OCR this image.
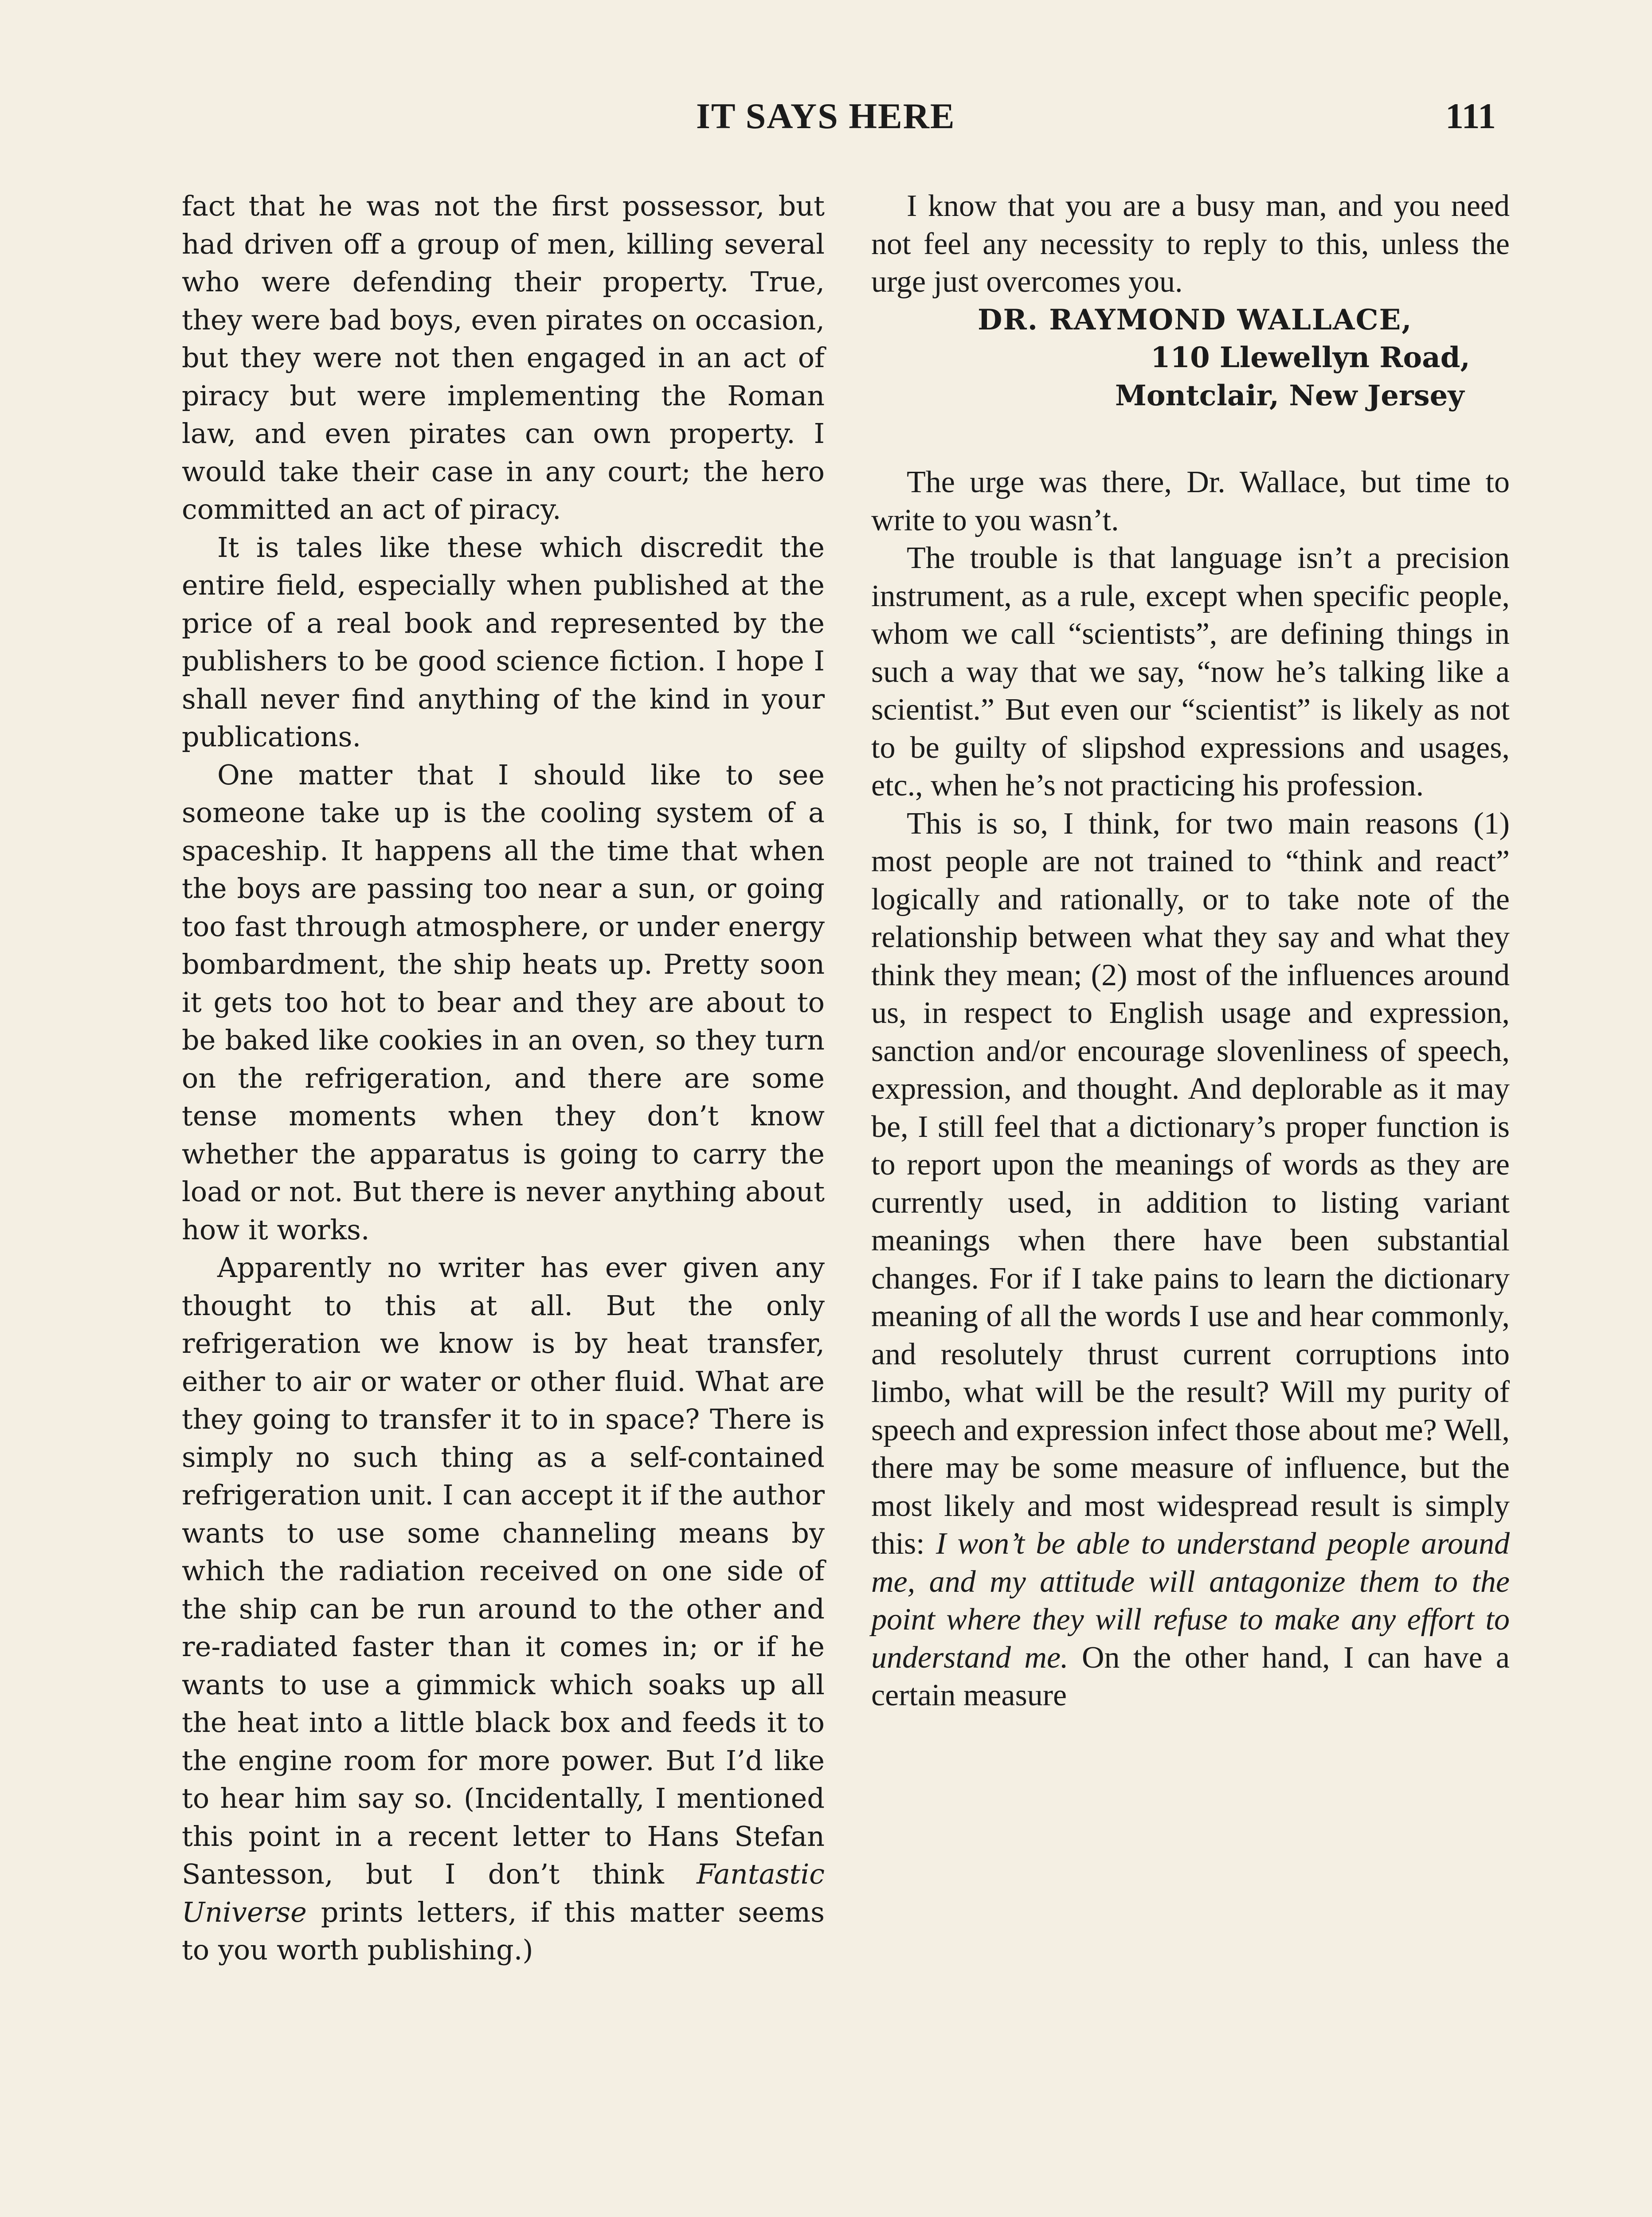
IT SAYS HERE	111

fact that he was not the first possessor, but had driven off a group of men, killing several who were defending their property. True, they were bad boys, even pirates on occasion, but they were not then engaged in an act of piracy but were implementing the Roman law, and even pirates can own property. I would take their case in any court; the hero committed an act of piracy.

It is tales like these which discredit the entire field, especially when published at the price of a real book and represented by the publishers to be good science fiction. I hope I shall never find anything of the kind in your publications.

One matter that I should like to see someone take up is the cooling system of a spaceship. It happens all the time that when the boys are passing too near a sun, or going too fast through atmosphere, or under energy bombardment, the ship heats up. Pretty soon it gets too hot to bear and they are about to be baked like cookies in an oven, so they turn on the refrigeration, and there are some tense moments when they don’t know whether the apparatus is going to carry the load or not. But there is never anything about how it works.

Apparently no writer has ever given any thought to this at all. But the only refrigeration we know is by heat transfer, either to air or water or other fluid. What are they going to transfer it to in space? There is simply no such thing as a self-contained refrigeration unit. I can accept it if the author wants to use some channeling means by which the radiation received on one side of the ship can be run around to the other and re-radiated faster than it comes in; or if he wants to use a gimmick which soaks up all the heat into a little black box and feeds it to the engine room for more power. But I’d like to hear him say so. (Incidentally, I mentioned this point in a recent letter to Hans Stefan Santesson, but I don’t think Fantastic Universe prints letters, if this matter seems to you worth publishing.)

I know that you are a busy man, and you need not feel any necessity to reply to this, unless the urge just overcomes you.

DR. RAYMOND WALLACE,

110 Llewellyn Road,

Montclair, New Jersey

The urge was there, Dr. Wallace, but time to write to you wasn’t.

The trouble is that language isn’t a precision instrument, as a rule, except when specific people, whom we call “scientists”, are defining things in such a way that we say, “now he’s talking like a scientist.” But even our “scientist” is likely as not to be guilty of slipshod expressions and usages, etc., when he’s not practicing his profession.

This is so, I think, for two main reasons (1) most people are not trained to “think and react” logically and rationally, or to take note of the relationship between what they say and what they think they mean; (2) most of the influences around us, in respect to English usage and expression, sanction and/or encourage slovenliness of speech, expression, and thought. And deplorable as it may be, I still feel that a dictionary’s proper function is to report upon the meanings of words as they are currently used, in addition to listing variant meanings when there have been substantial changes. For if I take pains to learn the dictionary meaning of all the words I use and hear commonly, and resolutely thrust current corruptions into limbo, what will be the result? Will my purity of speech and expression infect those about me? Well, there may be some measure of influence, but the most likely and most widespread result is simply this: I won’t be able to understand people around me, and my attitude will antagonize them to the point where they will refuse to make any effort to understand me. On the other hand, I can have a certain measure
